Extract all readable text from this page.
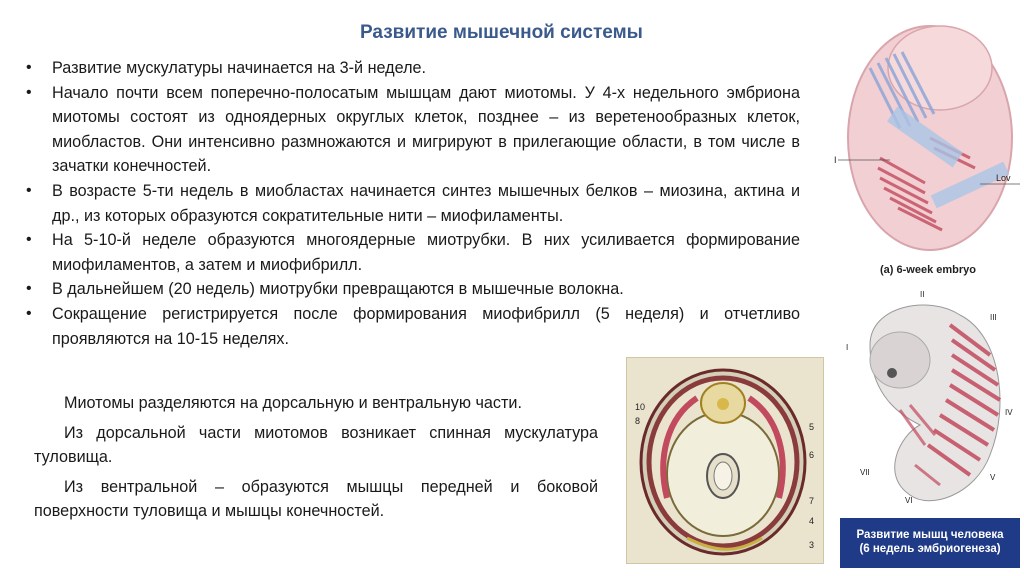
Развитие мышечной системы
• Развитие мускулатуры начинается на 3-й неделе.
• Начало почти всем поперечно-полосатым мышцам дают миотомы. У 4-х недельного эмбриона миотомы состоят из одноядерных округлых клеток, позднее – из веретенообразных клеток, миобластов. Они интенсивно размножаются и мигрируют в прилегающие области, в том числе в зачатки конечностей.
• В возрасте 5-ти недель в миобластах начинается синтез мышечных белков – миозина, актина и др., из которых образуются сократительные нити – миофиламенты.
• На 5-10-й неделе образуются многоядерные миотрубки. В них усиливается формирование миофиламентов, а затем и миофибрилл.
• В дальнейшем (20 недель) миотрубки превращаются в мышечные волокна.
• Сокращение регистрируется после формирования миофибрилл (5 неделя) и отчетливо проявляются на 10-15 неделях.

Миотомы разделяются на дорсальную и вентральную части.

Из дорсальной части миотомов возникает спинная мускулатура туловища.

Из вентральной – образуются мышцы передней и боковой поверхности туловища и мышцы конечностей.

I
Lov
(a) 6-week embryo
II
III
IV
V
VI
VII
I
Развитие мышц человека
(6 недель эмбриогенеза)
10
8
5
6
7
4
3
